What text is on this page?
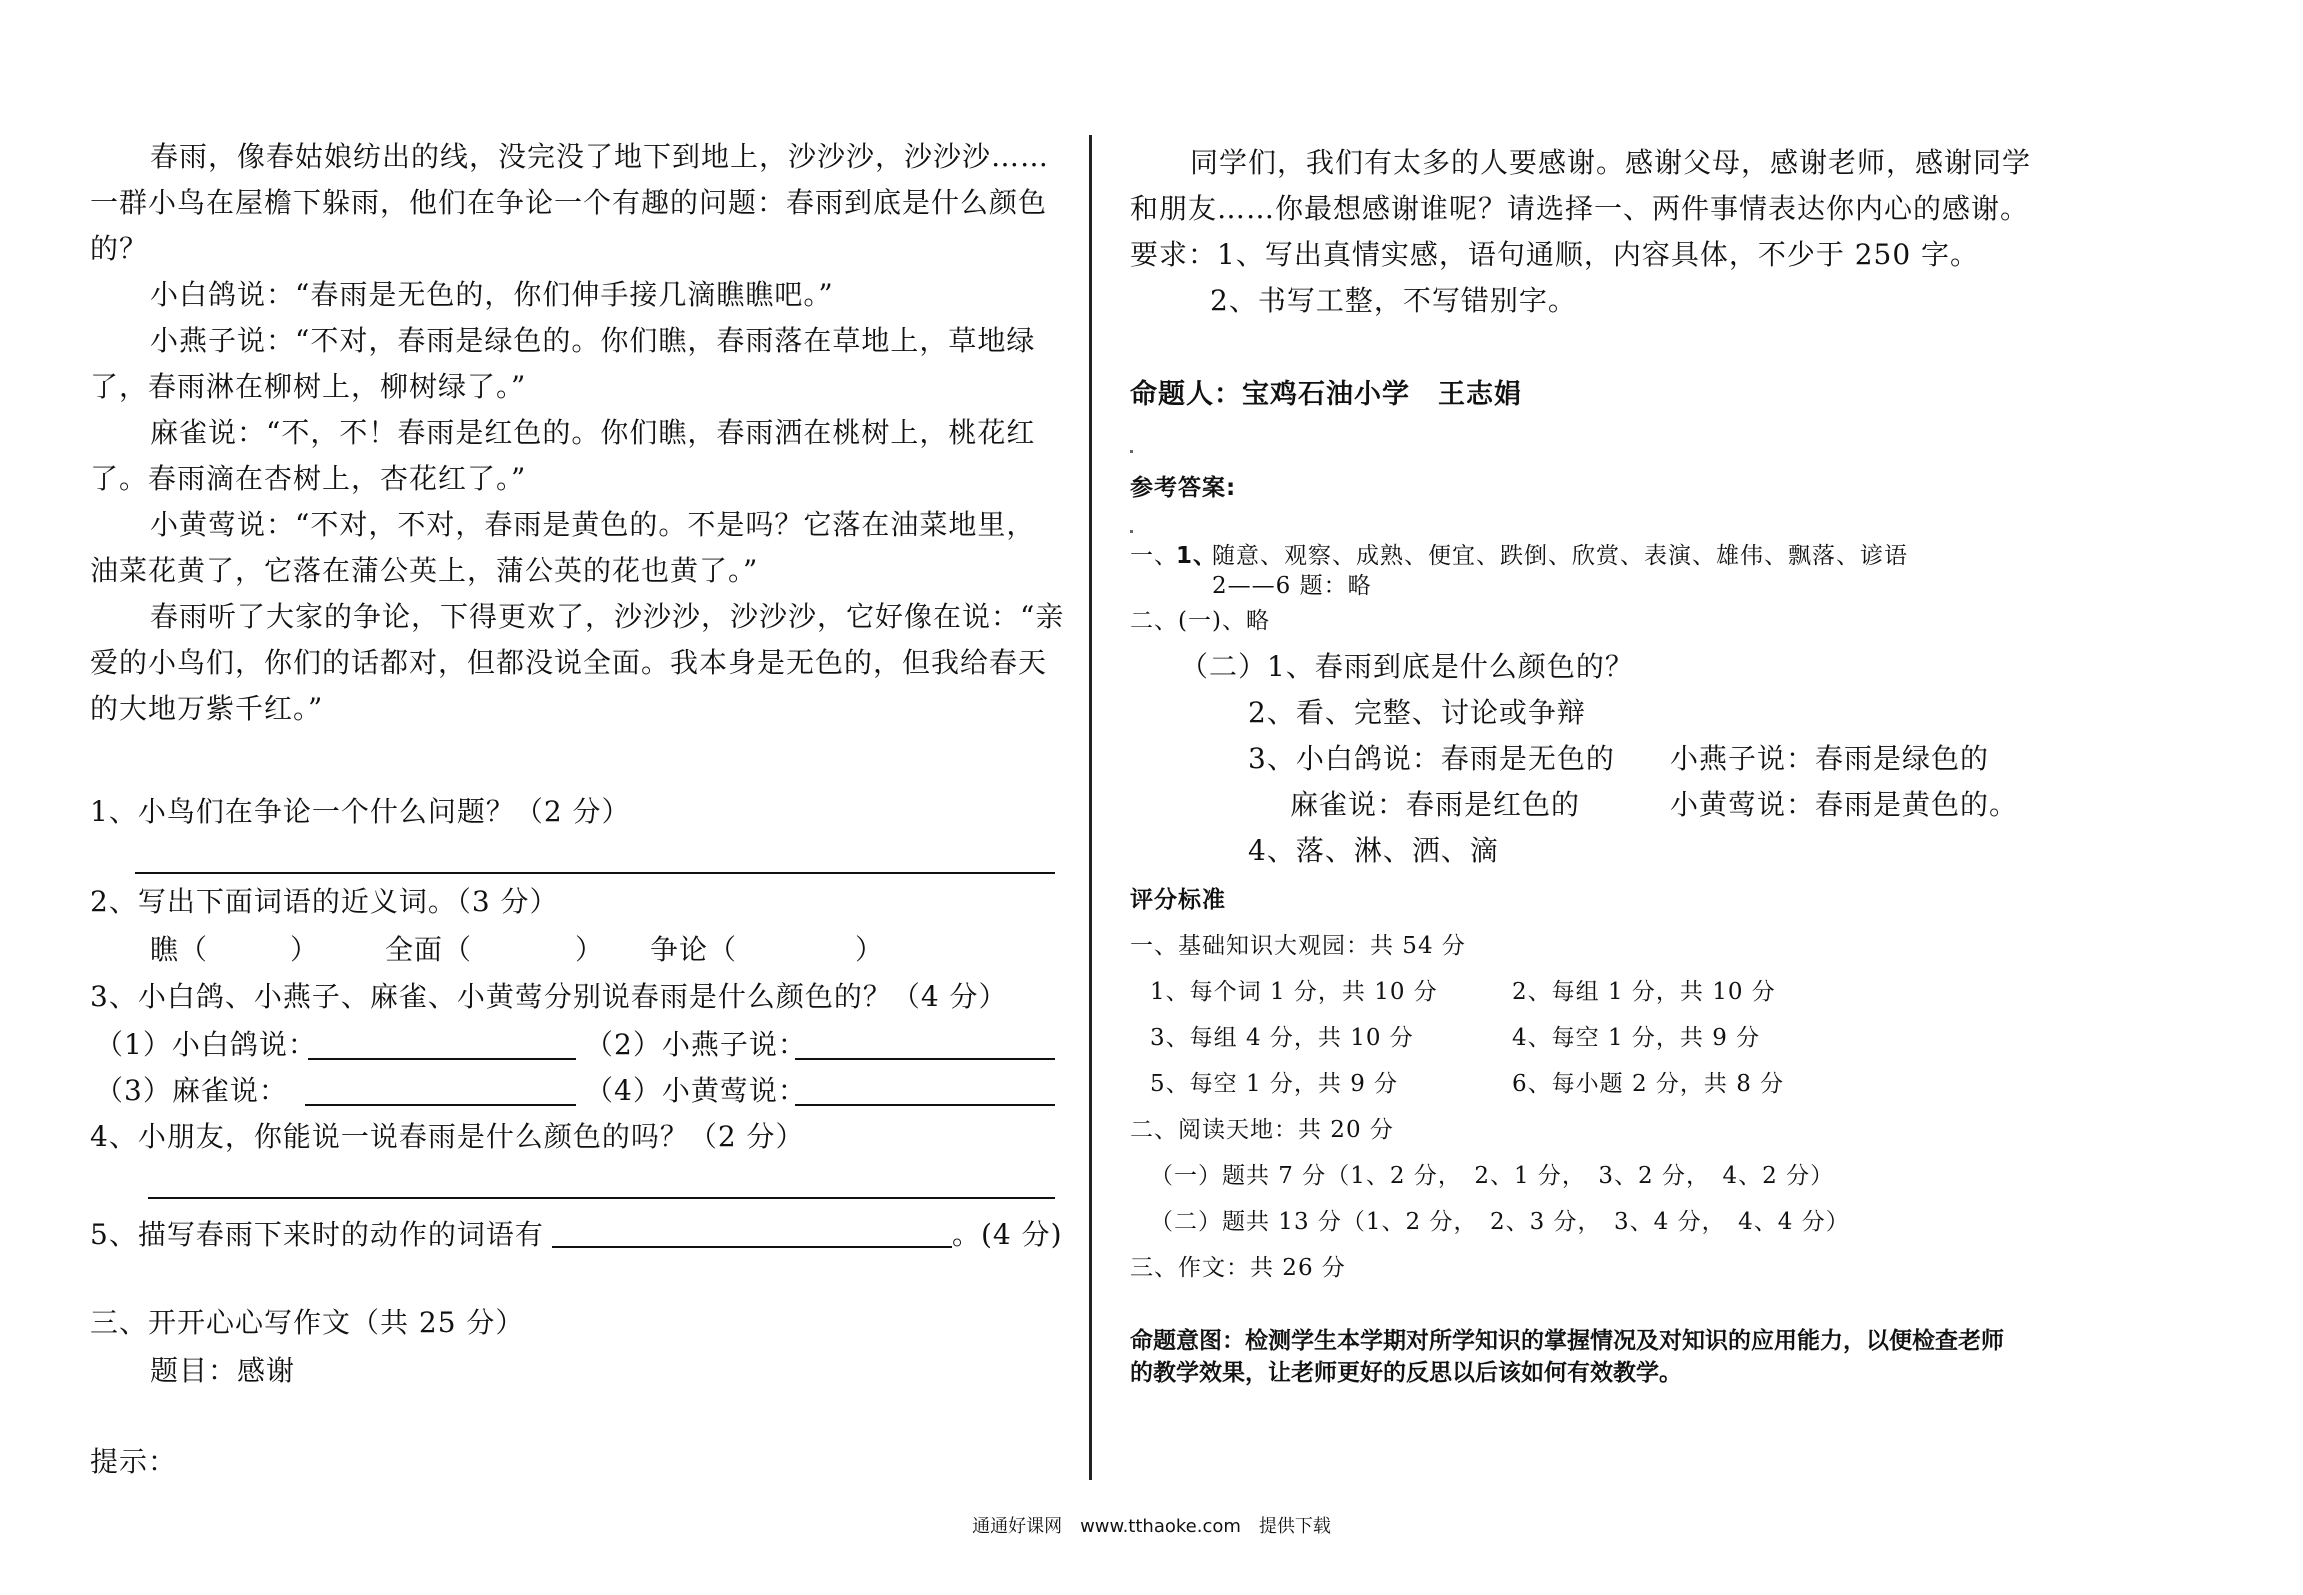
春雨，像春姑娘纺出的线，没完没了地下到地上，沙沙沙，沙沙沙……
一群小鸟在屋檐下躲雨，他们在争论一个有趣的问题：春雨到底是什么颜色
的？
小白鸽说：“春雨是无色的，你们伸手接几滴瞧瞧吧。”
小燕子说：“不对，春雨是绿色的。你们瞧，春雨落在草地上，草地绿
了，春雨淋在柳树上，柳树绿了。”
麻雀说：“不，不！春雨是红色的。你们瞧，春雨洒在桃树上，桃花红
了。春雨滴在杏树上，杏花红了。”
小黄莺说：“不对，不对，春雨是黄色的。不是吗？它落在油菜地里，
油菜花黄了，它落在蒲公英上，蒲公英的花也黄了。”
春雨听了大家的争论，下得更欢了，沙沙沙，沙沙沙，它好像在说：“亲
爱的小鸟们，你们的话都对，但都没说全面。我本身是无色的，但我给春天
的大地万紫千红。”
1、小鸟们在争论一个什么问题？（2 分）
2、写出下面词语的近义词。（3 分）
瞧（	） 全面（	） 争论（	）
3、小白鸽、小燕子、麻雀、小黄莺分别说春雨是什么颜色的？（4 分）
（1）小白鸽说：	（2）小燕子说：
（3）麻雀说：	（4）小黄莺说：
4、小朋友，你能说一说春雨是什么颜色的吗？（2 分）
5、描写春雨下来时的动作的词语有	。(4 分)
三、开开心心写作文（共 25 分）
题目：感谢
提示：
同学们，我们有太多的人要感谢。感谢父母，感谢老师，感谢同学
和朋友……你最想感谢谁呢？请选择一、两件事情表达你内心的感谢。
要求：1、写出真情实感，语句通顺，内容具体，不少于 250 字。
2、书写工整，不写错别字。
命题人：宝鸡石油小学　王志娟
参考答案:
一、
1、
随意、观察、成熟、便宜、跌倒、欣赏、表演、雄伟、飘落、谚语
2——6 题：略
二、(一)、略
（二）1、春雨到底是什么颜色的？
2、看、完整、讨论或争辩
3、小白鸽说：春雨是无色的 小燕子说：春雨是绿色的
麻雀说：春雨是红色的	小黄莺说：春雨是黄色的。
4、落、淋、洒、滴
评分标准
一、基础知识大观园：共 54 分
1、每个词 1 分，共 10 分	2、每组 1 分，共 10 分
3、每组 4 分，共 10 分	4、每空 1 分，共 9 分
5、每空 1 分，共 9 分	6、每小题 2 分，共 8 分
二、阅读天地：共 20 分
（一）题共 7 分（1、2 分，　2、1 分，　3、2 分，　4、2 分）
（二）题共 13 分（1、2 分，　2、3 分，　3、4 分，　4、4 分）
三、作文：共 26 分
命题意图：检测学生本学期对所学知识的掌握情况及对知识的应用能力，以便检查老师
的教学效果，让老师更好的反思以后该如何有效教学。
通通好课网　www.tthaoke.com　提供下载
